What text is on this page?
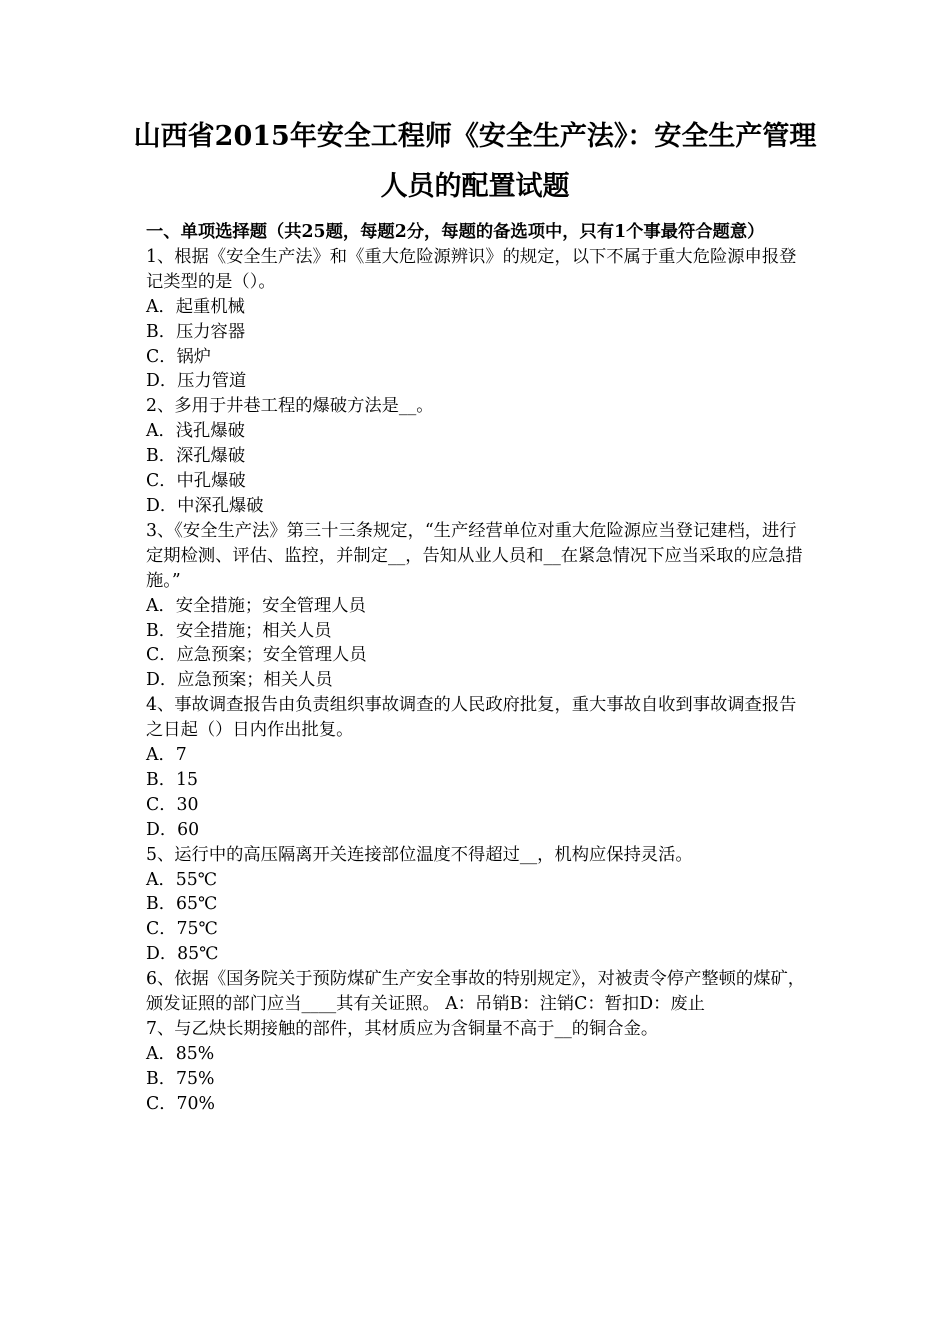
山西省2015年安全工程师《安全生产法》：安全生产管理
人员的配置试题
一、单项选择题（共25题，每题2分，每题的备选项中，只有1个事最符合题意）
1、根据《安全生产法》和《重大危险源辨识》的规定，以下不属于重大危险源申报登记类型的是（）。
A．起重机械
B．压力容器
C．锅炉
D．压力管道
2、多用于井巷工程的爆破方法是__。
A．浅孔爆破
B．深孔爆破
C．中孔爆破
D．中深孔爆破
3、《安全生产法》第三十三条规定，“生产经营单位对重大危险源应当登记建档，进行定期检测、评估、监控，并制定__，告知从业人员和__在紧急情况下应当采取的应急措施。”
A．安全措施；安全管理人员
B．安全措施；相关人员
C．应急预案；安全管理人员
D．应急预案；相关人员
4、事故调查报告由负责组织事故调查的人民政府批复，重大事故自收到事故调查报告之日起（）日内作出批复。
A．7
B．15
C．30
D．60
5、运行中的高压隔离开关连接部位温度不得超过__，机构应保持灵活。
A．55℃
B．65℃
C．75℃
D．85℃
6、依据《国务院关于预防煤矿生产安全事故的特别规定》，对被责令停产整顿的煤矿，颁发证照的部门应当____其有关证照。 A：吊销B：注销C：暂扣D：废止
7、与乙炔长期接触的部件，其材质应为含铜量不高于__的铜合金。
A．85%
B．75%
C．70%
